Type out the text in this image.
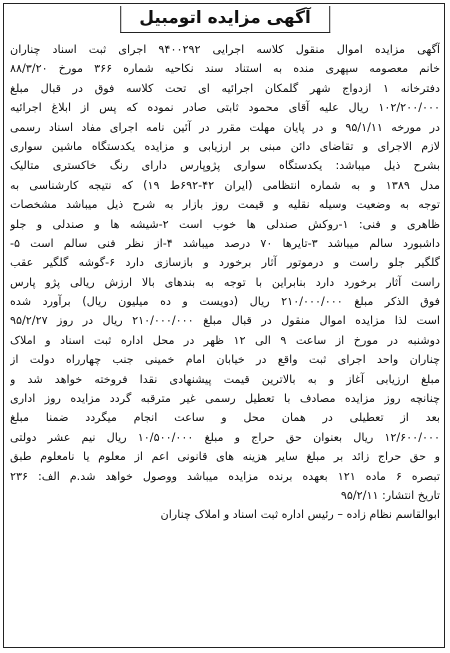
آگهی مزایده اتومبیل
آگهی مزایده اموال منقول کلاسه اجرایی ۹۴۰۰۲۹۲ اجرای ثبت اسناد چناران
خانم معصومه سپهری منده به استناد سند نکاحیه شماره ۳۶۶ مورخ ۸۸/۳/۲۰
دفترخانه ۱ ازدواج شهر گلمکان اجرائیه ای تحت کلاسه فوق در قبال مبلغ
۱۰۲/۲۰۰/۰۰۰ ریال علیه آقای محمود ثابتی صادر نموده که پس از ابلاغ اجرائیه
در مورخه ۹۵/۱/۱۱ و در پایان مهلت مقرر در آئین نامه اجرای مفاد اسناد رسمی
لازم الاجرای و تقاضای دائن مبنی بر ارزیابی و مزایده یکدستگاه ماشین سواری
بشرح ذیل میباشد: یکدستگاه سواری پژوپارس دارای رنگ خاکستری متالیک
مدل ۱۳۸۹ و به شماره انتظامی (ایران ۴۲-۶۹۲ط ۱۹) که نتیجه کارشناسی به
توجه به وضعیت وسیله نقلیه و قیمت روز بازار به شرح ذیل میباشد مشخصات
ظاهری و فنی: ۱-روکش صندلی ها خوب است ۲-شیشه ها و صندلی و جلو
داشبورد سالم میباشد ۳-تایرها ۷۰ درصد میباشد ۴-از نظر فنی سالم است ۵-
گلگیر جلو راست و درموتور آثار برخورد و بازسازی دارد ۶-گوشه گلگیر عقب
راست آثار برخورد دارد بنابراین با توجه به بندهای بالا ارزش ریالی پژو پارس
فوق الذکر مبلغ ۲۱۰/۰۰۰/۰۰۰ ریال (دویست و ده میلیون ریال) برآورد شده
است لذا مزایده اموال منقول در قبال مبلغ ۲۱۰/۰۰۰/۰۰۰ ریال در روز ۹۵/۲/۲۷
دوشنبه در مورخ از ساعت ۹ الی ۱۲ ظهر در محل اداره ثبت اسناد و املاک
چناران واحد اجرای ثبت واقع در خیابان امام خمینی جنب چهارراه دولت از
مبلغ ارزیابی آغاز و به بالاترین قیمت پیشنهادی نقدا فروخته خواهد شد و
چنانچه روز مزایده مصادف با تعطیل رسمی غیر مترقبه گردد مزایده روز اداری
بعد از تعطیلی در همان محل و ساعت انجام میگردد ضمنا مبلغ
۱۲/۶۰۰/۰۰۰ ریال بعنوان حق حراج و مبلغ ۱۰/۵۰۰/۰۰۰ ریال نیم عشر دولتی
و حق حراج زائد بر مبلغ سایر هزینه های قانونی اعم از معلوم یا نامعلوم طبق
تبصره ۶ ماده ۱۲۱ بعهده برنده مزایده میباشد ووصول خواهد شد.م الف: ۲۳۶
تاریخ انتشار: ۹۵/۲/۱۱
ابوالقاسم نظام زاده – رئیس اداره ثبت اسناد و املاک چناران
